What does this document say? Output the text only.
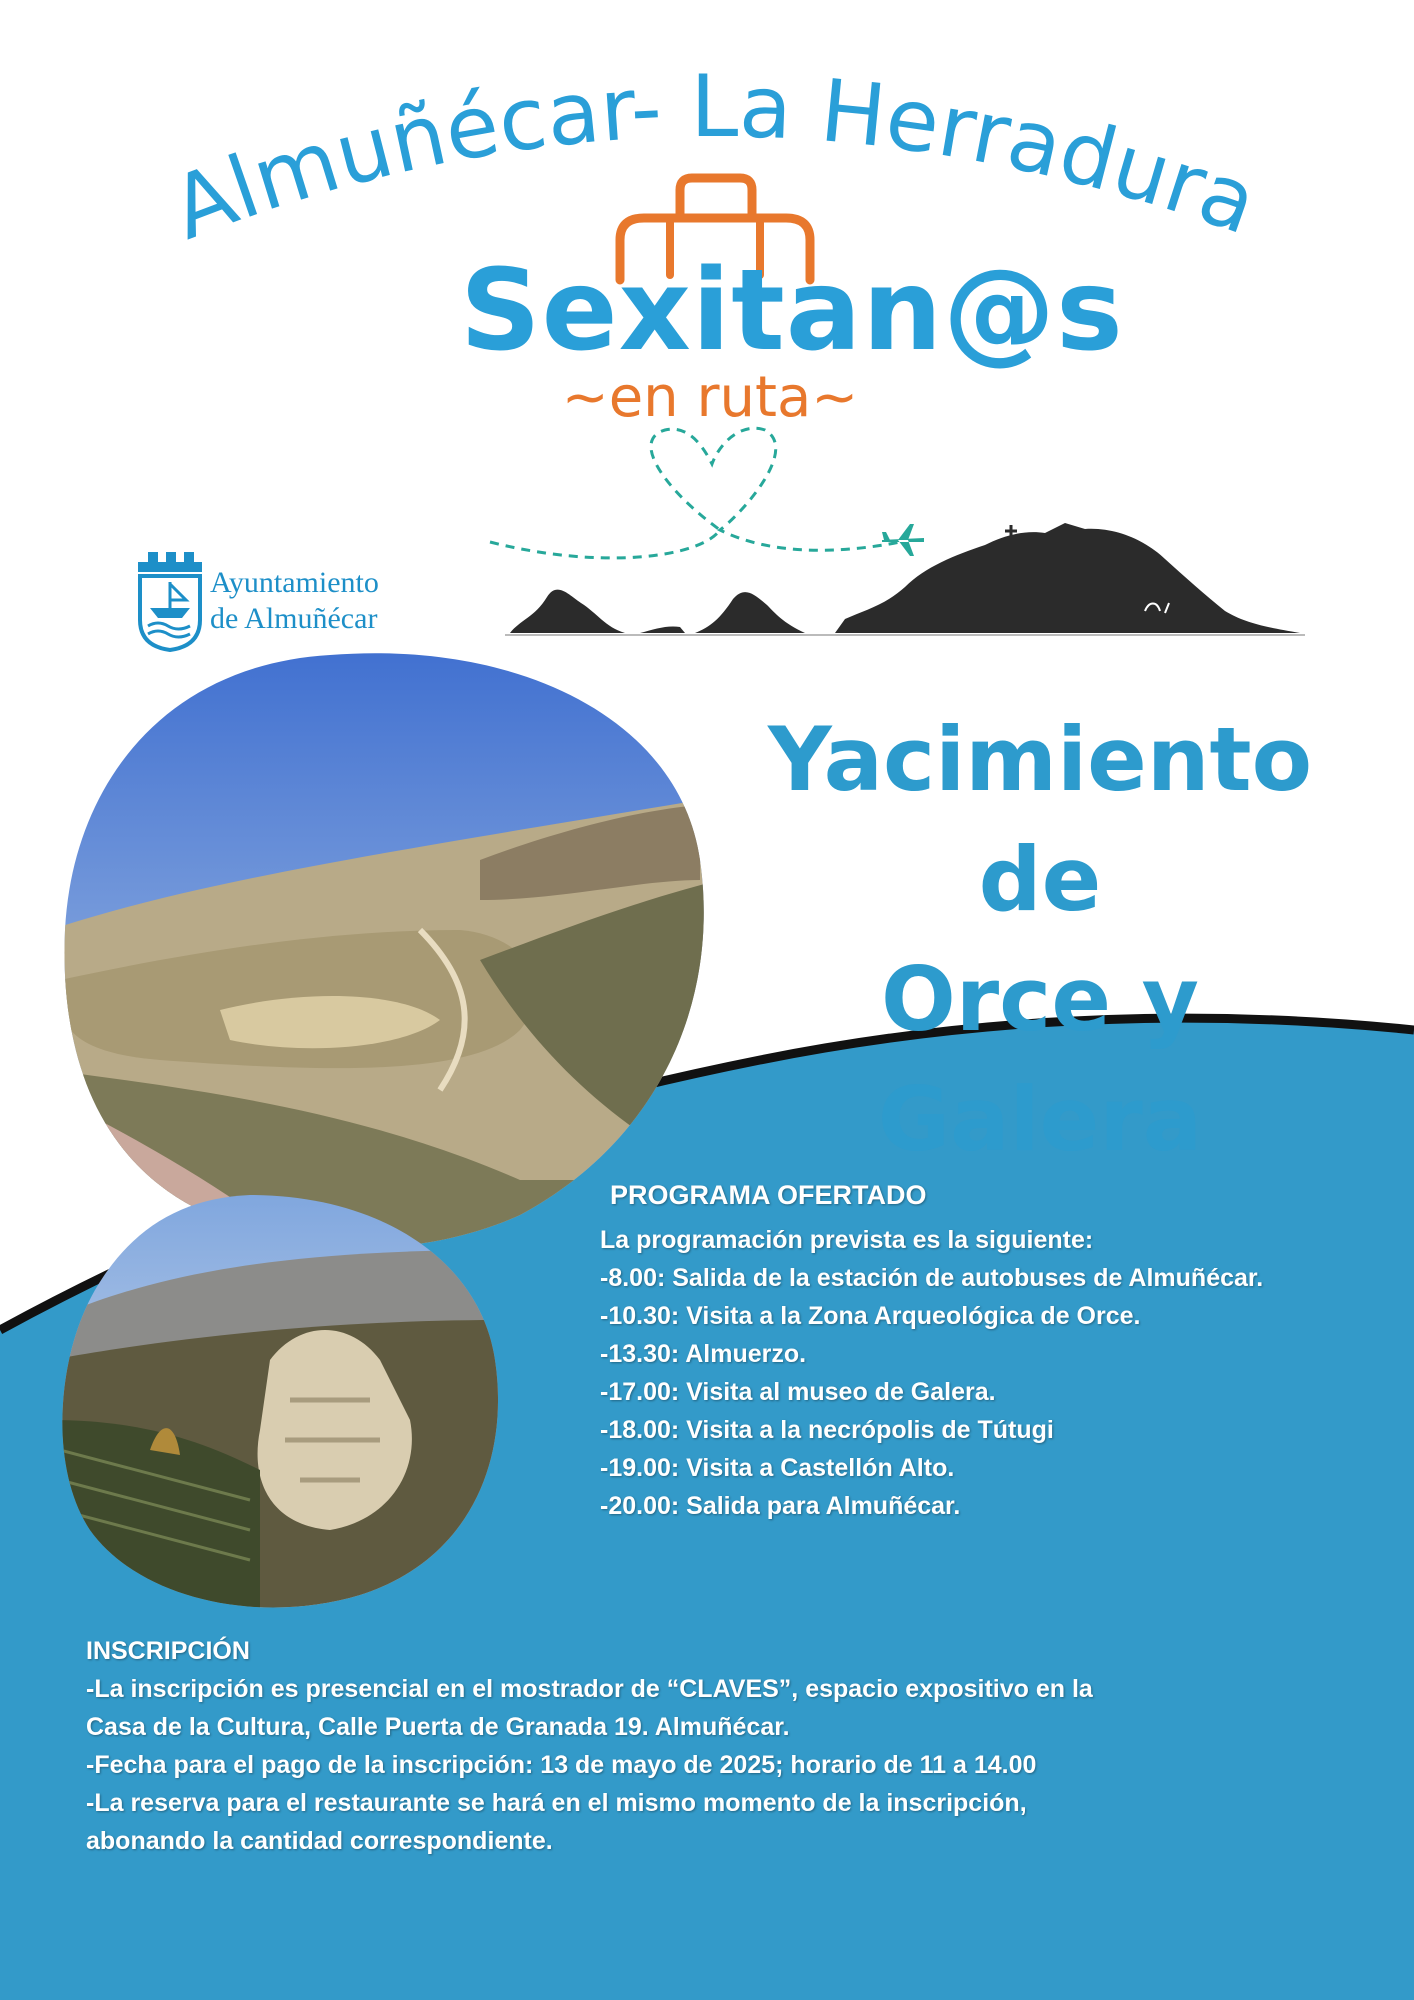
Almuñécar- La Herradura
Sexitan@s
~en ruta~
Ayuntamiento
de Almuñécar
Yacimiento de
Orce y Galera
PROGRAMA OFERTADO
La programación prevista es la siguiente:
-8.00: Salida de la estación de autobuses de Almuñécar.
-10.30: Visita a la Zona Arqueológica de Orce.
-13.30: Almuerzo.
-17.00: Visita al museo de Galera.
-18.00: Visita a la necrópolis de Tútugi
-19.00: Visita a Castellón Alto.
-20.00: Salida para Almuñécar.
INSCRIPCIÓN
-La inscripción es presencial en el mostrador de “CLAVES”, espacio expositivo en la
Casa de la Cultura, Calle Puerta de Granada 19. Almuñécar.
-Fecha para el pago de la inscripción: 13 de mayo de 2025; horario de 11 a 14.00
-La reserva para el restaurante se hará en el mismo momento de la inscripción,
abonando la cantidad correspondiente.
